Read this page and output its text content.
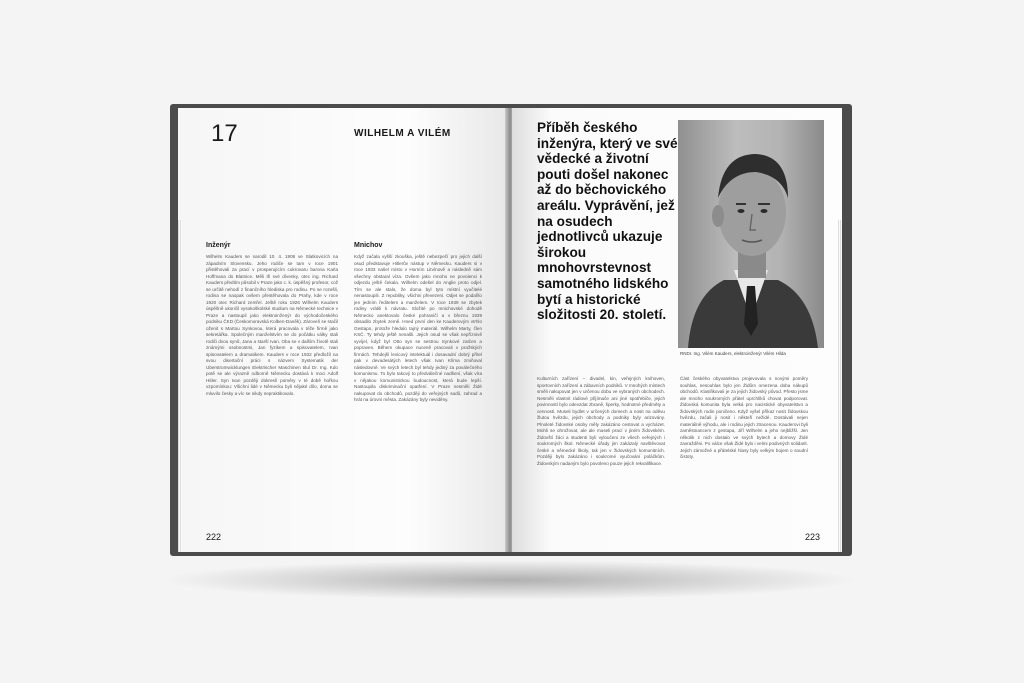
17	WILHELM A VILÉM
Inženýr
Wilhelm Kauders se narodil 10. 4. 1906 ve Slatkovicích na západním Slovensku. Jeho rodiče se tam v roce 1901 přistěhovali za prací v prosperujícím cukrovaru barona Karla Hoffmana do Blatnice. Měli tři své dívenky, otec ing. Richard Kauders předtím působil v Praze jako c. k. úspěšný profesor, což se určitě nehodí z finančního hlediska pro rodinu. Po se rozešli, rodina se naopak ovšem přestěhovala do Prahy, kde v roce 1920 otec Richard zemřel. Ještě roku 1926 Wilhelm Kauders úspěšně ukončil vysokoškolské studium na Německé technice v Praze a nastoupil jako elektroinženýr do východočeského podniku ČKD (Českomoravská Kolben-Daněk). Zároveň se stačil oženit s Martou Synkovou, která pracovala v téže firmě jako sekretářka. Společným manželstvím se do počátku války stali rodiči dvou synů, Jana a starší Ivan. Oba se v dalším životě stali známými osobnostmi, Jan fyzikem a spisovatelem, Ivan spisovatelem a dramatikem. Kauders v roce 1932 předložil na svou disertační práci s názvem Systematik der Uberstromwicklungen Elektrischer Maschinen titul Dr. Ing. Kdo potě se ale výrazně odborně Německu dostává k moci Adolf Hitler. Syn Ivan později dokreslí poměry v té době hořkou vzpomínkou: Všichni lidé v Německu byli nějaké dílo, doma se mluvilo česky a víc se nikdy nepraktikovalo.
Mnichov
Když začala vyšší zkouška, ještě nebezpečí pro jejich další osud představuje Hitlerův nástup v Německu. Kauders si v roce 1933 našel místo v Horním Litvínově a následně sám všechny obstaral víza. Ovšem jako mnoho ne povolenci k odjezdu ještě čekala. Wilhelm odešel do Anglie proto odjel. Tím se ale stalo, že doma byl tyto místní vyučitelé nenastoupili. Z republiky, všichni převezeni. Odjet se podařilo jen jedním ředitelem a manželem. V roce 1939 se zbytek rodiny vrátili k návratu. Složité po mnichovské dohodě Německo anektovalo české pohraničí a v březnu 1939 obsadilo zbytek země. Hned první den ke Kauderovým vtrhlo Gestapo, protože hledalo tajný materiál. Wilhelm Marty, člen KSČ. Ty tehdy ještě nenašli. Jejich osud se však nepříznivě vyvíjel, když byl Otto syn se sestrou Synkové zatčen a popraven. Během okupace nuceně pracovali v pražských firmách. Tehdejší levicový intelektuál i dosavadní dobrý přítel pak v devadesátých letech však Ivan Klíma zmiňoval následovně. Ve svých letech byl tehdy jediný za poválečného komunismu. To bylo takový to předválečné nadšení, však víra v nějakou komunistickou budoucnost, která bude lepší. Nastoupila diskriminační opatření. V Praze nesměli Židé nakupovat do obchodů, později do veřejných sadů, zahrad a hrát na úrovni města. Zakázány byly neviděny.
222

Příběh českého inženýra, který ve své vědecké a životní pouti došel nakonec až do běchovického areálu. Vyprávění, jež na osudech jednotlivců ukazuje širokou mnohovrstevnost samotného lidského bytí a historické složitosti 20. století.

RNDr. Ing. Vilém Kauders, elektroinženýr Vilém Hilda
Kulturních zařízení – divadel, kin, veřejných knihoven, sportovních zařízení a zábavních podniků. V mnohých místech směli nakupovat jen v určenou dobu ve vybraných obchodech. Nesměli vlastnit rádiové přijímače ani jiné spotřebiče, jejich povinností bylo odevzdat zbraně, šperky, hodnotné předměty a cennosti. Museli bydlet v určených domech a nosit na oděvu žlutou hvězdu, jejich obchody a podniky byly arizovány. Plnoleté židovské osoby měly zakázáno cestovat a vycházet. Mohli se ohrožovat, ale ale museli prací v jiném židovském. Židovští žáci a studenti byli vyloučeni ze všech veřejných i soukromých škol. Německé úřady jim zakázaly navštěvovat české a německé školy, tak jen v židovských komunitních. Později bylo zakázáno i soukromé vyučování poláčkům. Židovským nadaným bylo povoleno pouze jejich rekvalifikace.
Část českého obyvatelstva projevovala s novými poměry souhlas, nesouhlas bylo jen Židům omezena doba nákupů obchodů. Klasifikovali je za jejich židovský původ. Přesto jsme ale mnoho soukromých přátel uprchlíků chovat podporovat. Židovská komunita byla velká pro nacistické obyvatelstvo a židovských rodin poničeno. Když vyšel příkaz nosit židovskou hvězdu, začali ji nosit i někteří nežidé. Dostávali nejen materiálně výhodu, ale i rodinu jejich ztracenou. Kauderovi byli zaměstnancem z gestapa, Jiří Wilhelm a jeho nejbližší. Jen několik z nich dostalo ve svých bytech a domovy Židé zavražděni. Po válce však Židé bylo i velmi podivných solidarit. Jejich zámožné a přátelské hlasy byly velkým bojem o soudní čistoty.
223
